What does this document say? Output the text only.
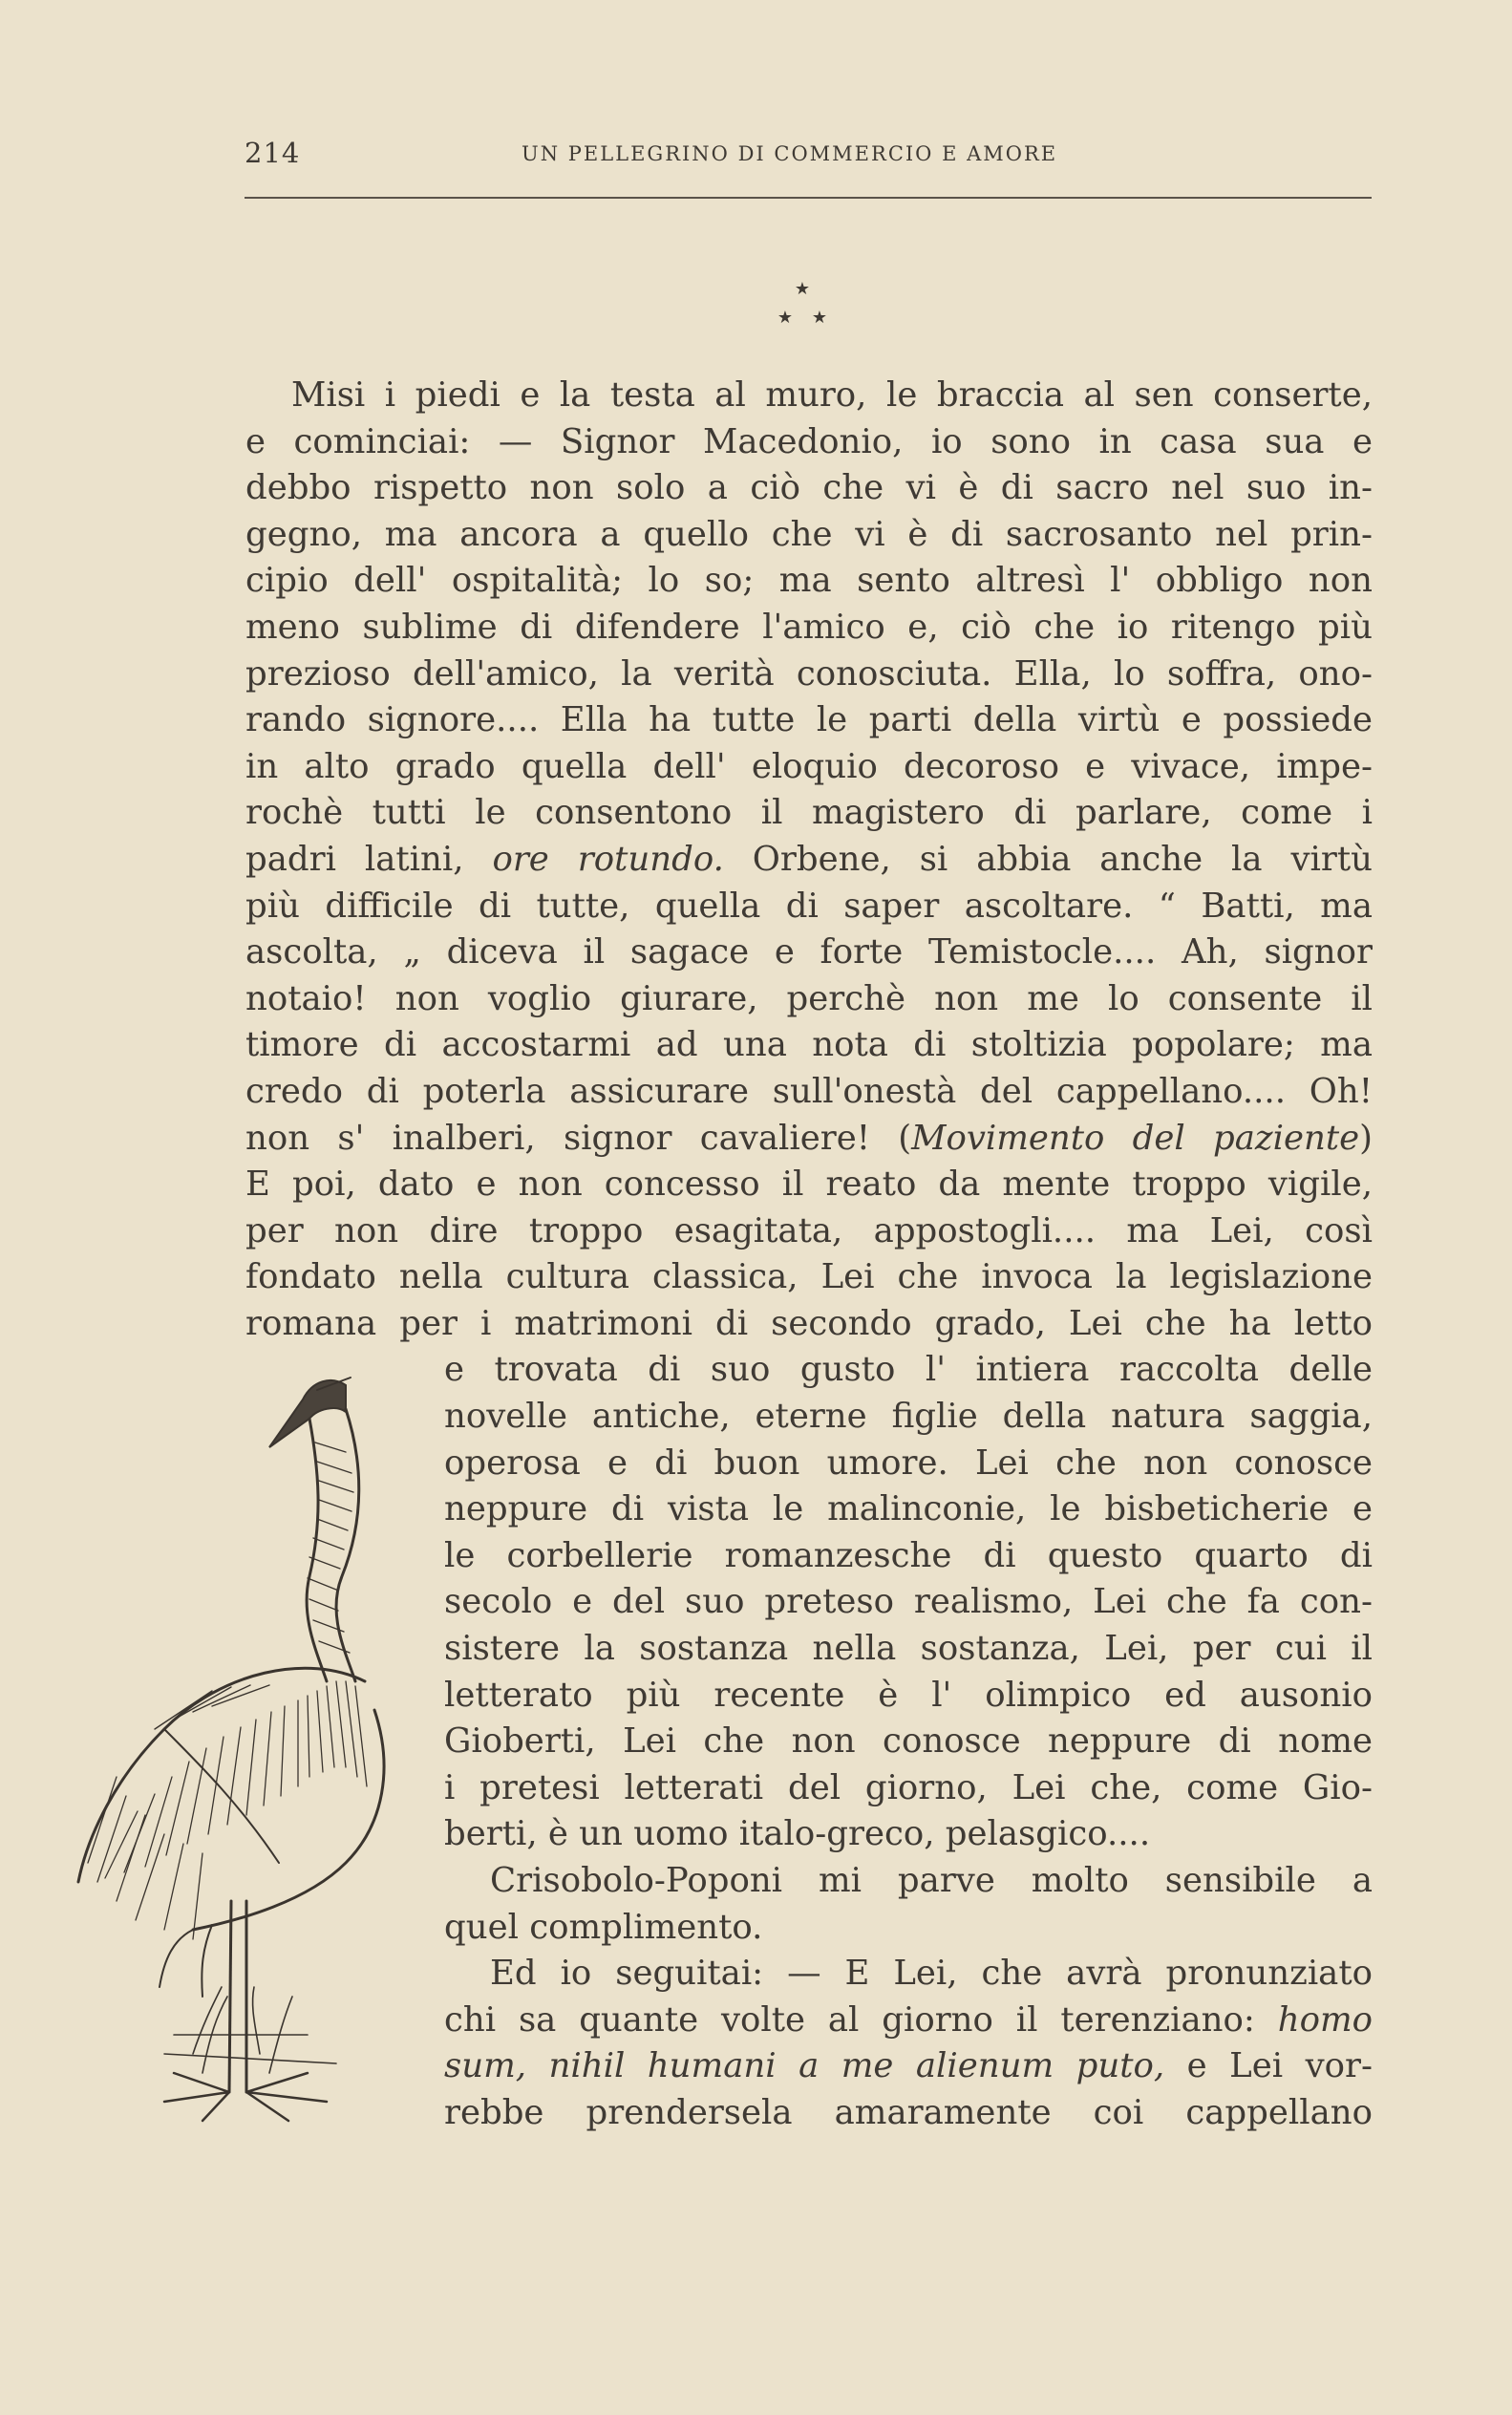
214	UN PELLEGRINO DI COMMERCIO E AMORE
★
★ ★
Misi i piedi e la testa al muro, le braccia al sen conserte,
e cominciai: — Signor Macedonio, io sono in casa sua e
debbo rispetto non solo a ciò che vi è di sacro nel suo in-
gegno, ma ancora a quello che vi è di sacrosanto nel prin-
cipio dell' ospitalità; lo so; ma sento altresì l' obbligo non
meno sublime di difendere l'amico e, ciò che io ritengo più
prezioso dell'amico, la verità conosciuta. Ella, lo soffra, ono-
rando signore.... Ella ha tutte le parti della virtù e possiede
in alto grado quella dell' eloquio decoroso e vivace, impe-
rochè tutti le consentono il magistero di parlare, come i
padri latini, ore rotundo. Orbene, si abbia anche la virtù
più difficile di tutte, quella di saper ascoltare. “ Batti, ma
ascolta, „ diceva il sagace e forte Temistocle.... Ah, signor
notaio! non voglio giurare, perchè non me lo consente il
timore di accostarmi ad una nota di stoltizia popolare; ma
credo di poterla assicurare sull'onestà del cappellano.... Oh!
non s' inalberi, signor cavaliere! (Movimento del paziente)
E poi, dato e non concesso il reato da mente troppo vigile,
per non dire troppo esagitata, appostogli.... ma Lei, così
fondato nella cultura classica, Lei che invoca la legislazione
romana per i matrimoni di secondo grado, Lei che ha letto
e trovata di suo gusto l' intiera raccolta delle
novelle antiche, eterne figlie della natura saggia,
operosa e di buon umore. Lei che non conosce
neppure di vista le malinconie, le bisbeticherie e
le corbellerie romanzesche di questo quarto di
secolo e del suo preteso realismo, Lei che fa con-
sistere la sostanza nella sostanza, Lei, per cui il
letterato più recente è l' olimpico ed ausonio
Gioberti, Lei che non conosce neppure di nome
i pretesi letterati del giorno, Lei che, come Gio-
berti, è un uomo italo-greco, pelasgico....
Crisobolo-Poponi mi parve molto sensibile a
quel complimento.
Ed io seguitai: — E Lei, che avrà pronunziato
chi sa quante volte al giorno il terenziano: homo
sum, nihil humani a me alienum puto, e Lei vor-
rebbe prendersela amaramente coi cappellano
